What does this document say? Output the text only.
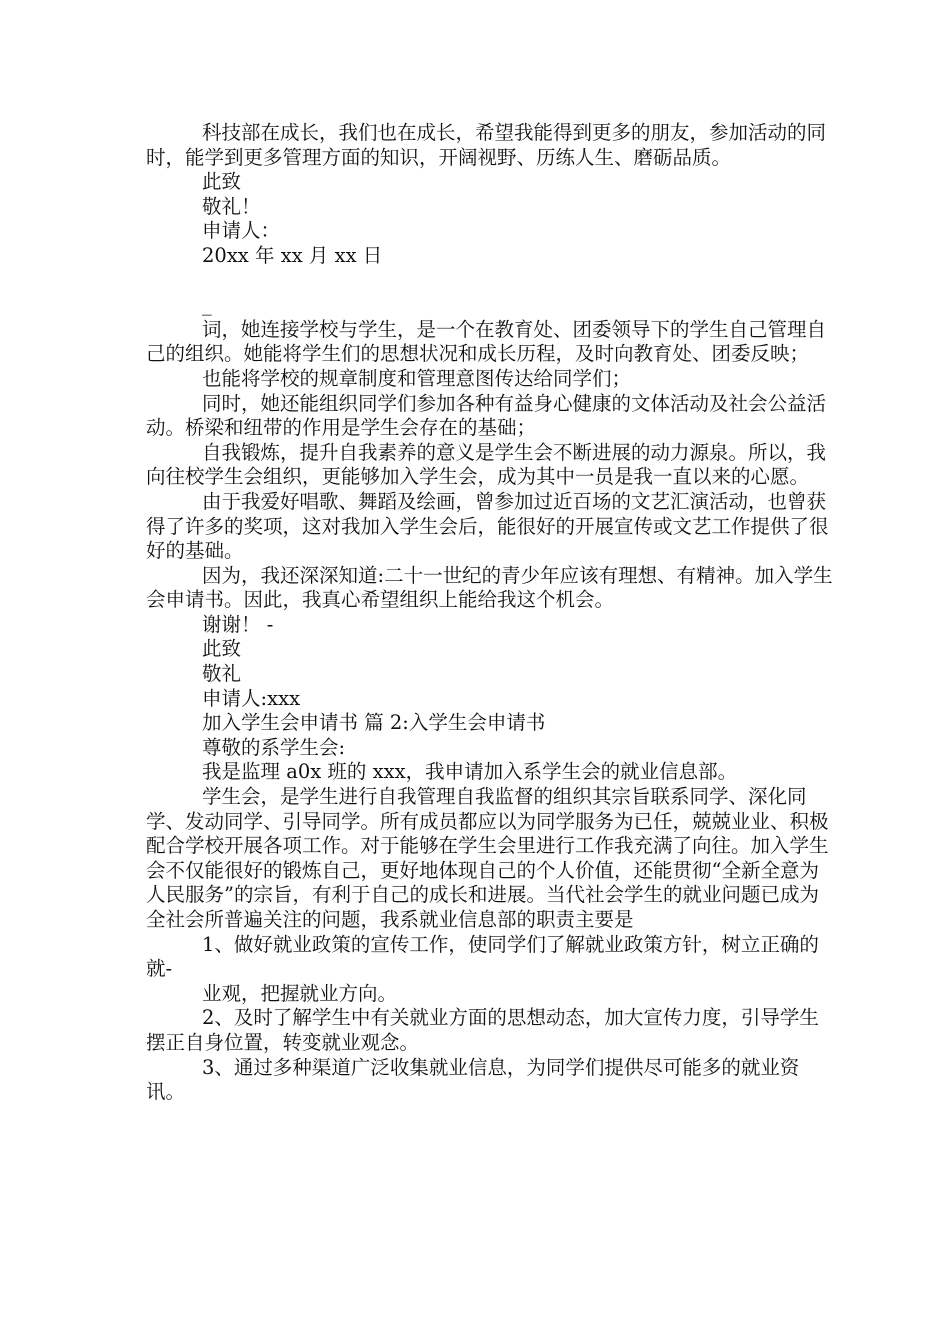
科技部在成长，我们也在成长，希望我能得到更多的朋友，参加活动的同时，能学到更多管理方面的知识，开阔视野、历练人生、磨砺品质。

此致

敬礼！

申请人：

20xx 年 xx 月 xx 日

_

词，她连接学校与学生，是一个在教育处、团委领导下的学生自己管理自己的组织。她能将学生们的思想状况和成长历程，及时向教育处、团委反映；

也能将学校的规章制度和管理意图传达给同学们；

同时，她还能组织同学们参加各种有益身心健康的文体活动及社会公益活动。桥梁和纽带的作用是学生会存在的基础；

自我锻炼，提升自我素养的意义是学生会不断进展的动力源泉。所以，我向往校学生会组织，更能够加入学生会，成为其中一员是我一直以来的心愿。

由于我爱好唱歌、舞蹈及绘画，曾参加过近百场的文艺汇演活动，也曾获得了许多的奖项，这对我加入学生会后，能很好的开展宣传或文艺工作提供了很好的基础。

因为，我还深深知道:二十一世纪的青少年应该有理想、有精神。加入学生会申请书。因此，我真心希望组织上能给我这个机会。

谢谢！ -

此致

敬礼

申请人:xxx

加入学生会申请书 篇 2:入学生会申请书

尊敬的系学生会:

我是监理 a0x 班的 xxx，我申请加入系学生会的就业信息部。

学生会，是学生进行自我管理自我监督的组织其宗旨联系同学、深化同学、发动同学、引导同学。所有成员都应以为同学服务为已任，兢兢业业、积极配合学校开展各项工作。对于能够在学生会里进行工作我充满了向往。加入学生会不仅能很好的锻炼自己，更好地体现自己的个人价值，还能贯彻“全新全意为人民服务”的宗旨，有利于自己的成长和进展。当代社会学生的就业问题已成为全社会所普遍关注的问题，我系就业信息部的职责主要是

1、做好就业政策的宣传工作，使同学们了解就业政策方针，树立正确的就-

业观，把握就业方向。

2、及时了解学生中有关就业方面的思想动态，加大宣传力度，引导学生摆正自身位置，转变就业观念。

3、通过多种渠道广泛收集就业信息，为同学们提供尽可能多的就业资讯。
